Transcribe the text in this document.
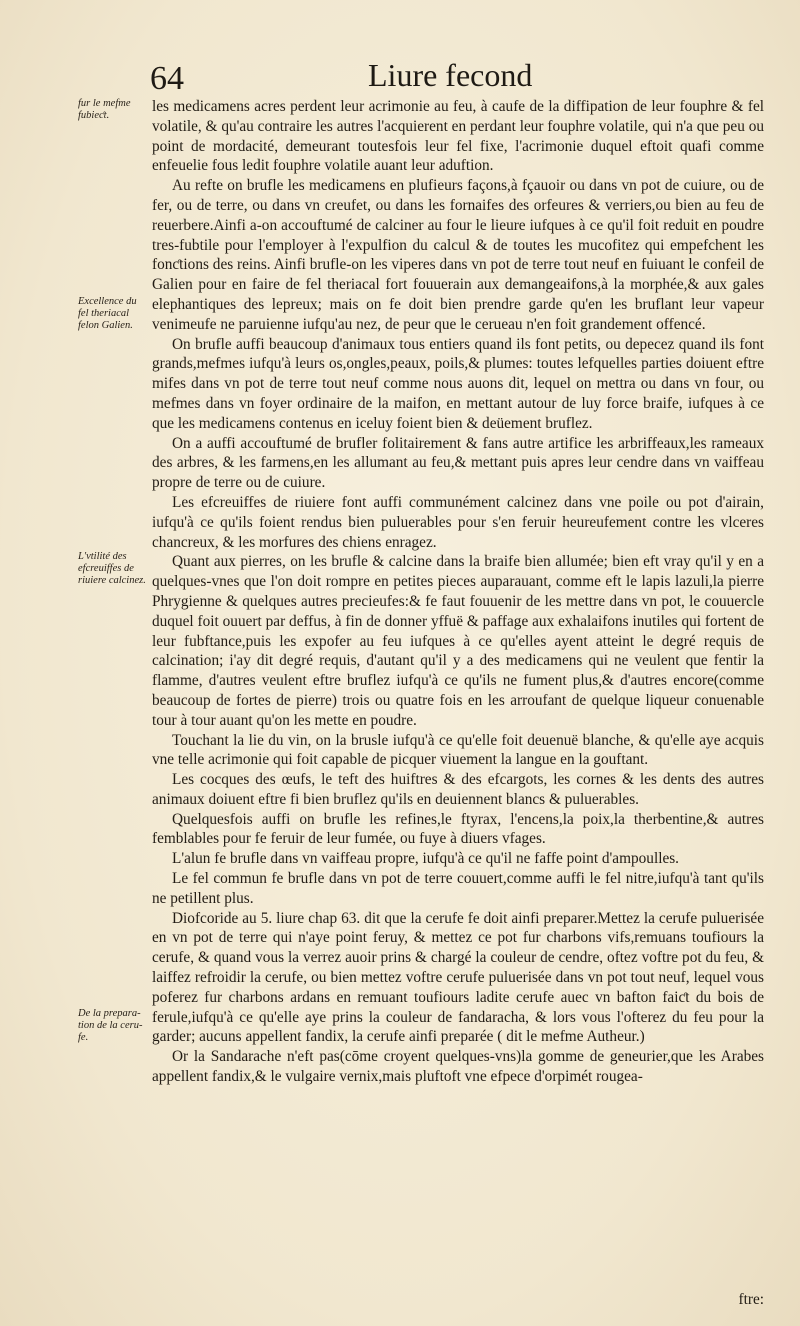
64	Liure fecond
fur le mefme fubieƈt.
Excellence du fel theriacal felon Galien.
L'vtilité des efcreuiffes de riuiere calcinez.
De la prepara-tion de la ceru-fe.

les medicamens acres perdent leur acrimonie au feu, à caufe de la diffipation de leur fouphre & fel volatile, & qu'au contraire les autres l'acquierent en perdant leur fouphre volatile, qui n'a que peu ou point de mordacité, demeurant toutesfois leur fel fixe, l'acrimonie duquel eftoit quafi comme enfeuelie fous ledit fouphre volatile auant leur aduftion.

Au refte on brufle les medicamens en plufieurs façons,à fçauoir ou dans vn pot de cuiure, ou de fer, ou de terre, ou dans vn creufet, ou dans les fornaifes des orfeures & verriers,ou bien au feu de reuerbere.Ainfi a-on accouftumé de calciner au four le lieure iufques à ce qu'il foit reduit en poudre tres-fubtile pour l'employer à l'expulfion du calcul & de toutes les mucofitez qui empefchent les fonƈtions des reins. Ainfi brufle-on les viperes dans vn pot de terre tout neuf en fuiuant le confeil de Galien pour en faire de fel theriacal fort fouuerain aux demangeaifons,à la morphée,& aux gales elephantiques des lepreux; mais on fe doit bien prendre garde qu'en les bruflant leur vapeur venimeufe ne paruienne iufqu'au nez, de peur que le cerueau n'en foit grandement offencé.

On brufle auffi beaucoup d'animaux tous entiers quand ils font petits, ou depecez quand ils font grands,mefmes iufqu'à leurs os,ongles,peaux, poils,& plumes: toutes lefquelles parties doiuent eftre mifes dans vn pot de terre tout neuf comme nous auons dit, lequel on mettra ou dans vn four, ou mefmes dans vn foyer ordinaire de la maifon, en mettant autour de luy force braife, iufques à ce que les medicamens contenus en iceluy foient bien & deüement bruflez.

On a auffi accouftumé de brufler folitairement & fans autre artifice les arbriffeaux,les rameaux des arbres, & les farmens,en les allumant au feu,& mettant puis apres leur cendre dans vn vaiffeau propre de terre ou de cuiure.

Les efcreuiffes de riuiere font auffi communément calcinez dans vne poile ou pot d'airain, iufqu'à ce qu'ils foient rendus bien puluerables pour s'en feruir heureufement contre les vlceres chancreux, & les morfures des chiens enragez.

Quant aux pierres, on les brufle & calcine dans la braife bien allumée; bien eft vray qu'il y en a quelques-vnes que l'on doit rompre en petites pieces auparauant, comme eft le lapis lazuli,la pierre Phrygienne & quelques autres precieufes:& fe faut fouuenir de les mettre dans vn pot, le couuercle duquel foit ouuert par deffus, à fin de donner yffuë & paffage aux exhalaifons inutiles qui fortent de leur fubftance,puis les expofer au feu iufques à ce qu'elles ayent atteint le degré requis de calcination; i'ay dit degré requis, d'autant qu'il y a des medicamens qui ne veulent que fentir la flamme, d'autres veulent eftre bruflez iufqu'à ce qu'ils ne fument plus,& d'autres encore(comme beaucoup de fortes de pierre) trois ou quatre fois en les arroufant de quelque liqueur conuenable tour à tour auant qu'on les mette en poudre.

Touchant la lie du vin, on la brusle iufqu'à ce qu'elle foit deuenuë blanche, & qu'elle aye acquis vne telle acrimonie qui foit capable de picquer viuement la langue en la gouftant.

Les cocques des œufs, le teft des huiftres & des efcargots, les cornes & les dents des autres animaux doiuent eftre fi bien bruflez qu'ils en deuiennent blancs & puluerables.

Quelquesfois auffi on brufle les refines,le ftyrax, l'encens,la poix,la therbentine,& autres femblables pour fe feruir de leur fumée, ou fuye à diuers vfages.

L'alun fe brufle dans vn vaiffeau propre, iufqu'à ce qu'il ne faffe point d'ampoulles.

Le fel commun fe brufle dans vn pot de terre couuert,comme auffi le fel nitre,iufqu'à tant qu'ils ne petillent plus.

Diofcoride au 5. liure chap 63. dit que la cerufe fe doit ainfi preparer.Mettez la cerufe puluerisée en vn pot de terre qui n'aye point feruy, & mettez ce pot fur charbons vifs,remuans toufiours la cerufe, & quand vous la verrez auoir prins & chargé la couleur de cendre, oftez voftre pot du feu, & laiffez refroidir la cerufe, ou bien mettez voftre cerufe puluerisée dans vn pot tout neuf, lequel vous poferez fur charbons ardans en remuant toufiours ladite cerufe auec vn bafton faiƈt du bois de ferule,iufqu'à ce qu'elle aye prins la couleur de fandaracha, & lors vous l'ofterez du feu pour la garder; aucuns appellent fandix, la cerufe ainfi preparée ( dit le mefme Autheur.)

Or la Sandarache n'eft pas(cōme croyent quelques-vns)la gomme de geneurier,que les Arabes appellent fandix,& le vulgaire vernix,mais pluftoft vne efpece d'orpimét rougea-

ftre:
